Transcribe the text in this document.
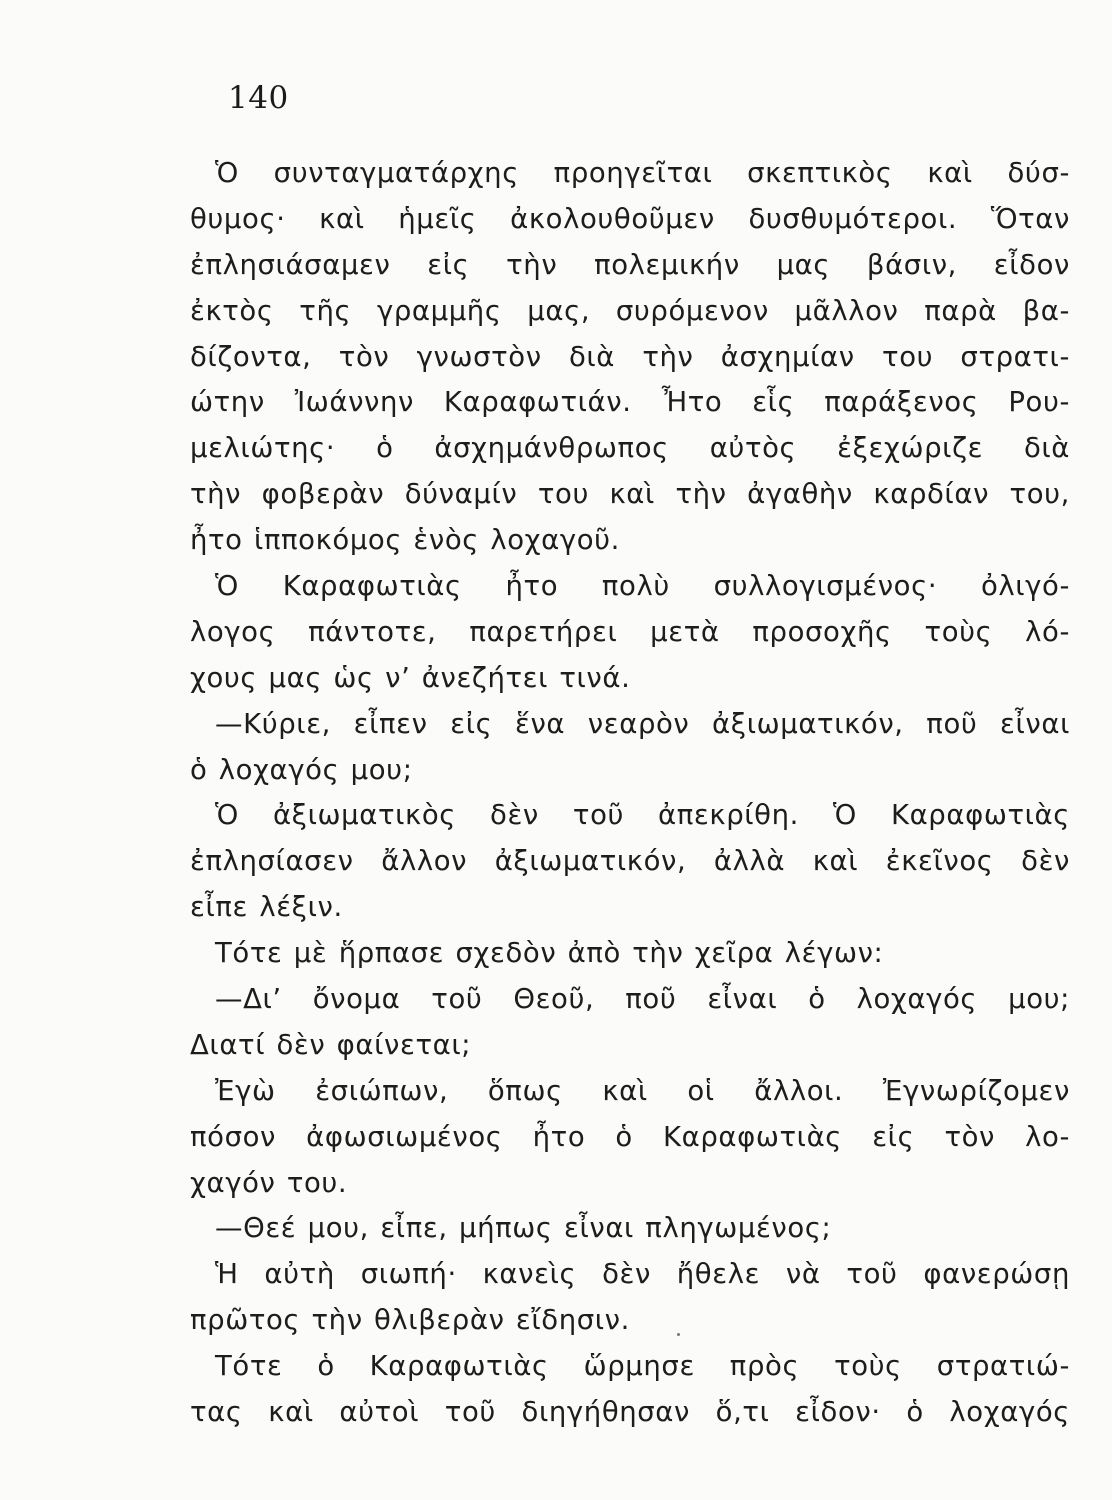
140
Ὁ συνταγματάρχης προηγεῖται σκεπτικὸς καὶ δύσ-
θυμος· καὶ ἡμεῖς ἀκολουθοῦμεν δυσθυμότεροι. Ὅταν
ἐπλησιάσαμεν εἰς τὴν πολεμικήν μας βάσιν, εἶδον
ἐκτὸς τῆς γραμμῆς μας, συρόμενον μᾶλλον παρὰ βα-
δίζοντα, τὸν γνωστὸν διὰ τὴν ἀσχημίαν του στρατι-
ώτην Ἰωάννην Καραφωτιάν. Ἦτο εἷς παράξενος Ρου-
μελιώτης· ὁ ἀσχημάνθρωπος αὐτὸς ἐξεχώριζε διὰ
τὴν φοβερὰν δύναμίν του καὶ τὴν ἀγαθὴν καρδίαν του,
ἦτο ἱπποκόμος ἑνὸς λοχαγοῦ.
Ὁ Καραφωτιὰς ἦτο πολὺ συλλογισμένος· ὀλιγό-
λογος πάντοτε, παρετήρει μετὰ προσοχῆς τοὺς λό-
χους μας ὡς ν’ ἀνεζήτει τινά.
—Κύριε, εἶπεν εἰς ἕνα νεαρὸν ἀξιωματικόν, ποῦ εἶναι
ὁ λοχαγός μου;
Ὁ ἀξιωματικὸς δὲν τοῦ ἀπεκρίθη. Ὁ Καραφωτιὰς
ἐπλησίασεν ἄλλον ἀξιωματικόν, ἀλλὰ καὶ ἐκεῖνος δὲν
εἶπε λέξιν.
Τότε μὲ ἥρπασε σχεδὸν ἀπὸ τὴν χεῖρα λέγων:
—Δι’ ὄνομα τοῦ Θεοῦ, ποῦ εἶναι ὁ λοχαγός μου;
Διατί δὲν φαίνεται;
Ἐγὼ ἐσιώπων, ὅπως καὶ οἱ ἄλλοι. Ἐγνωρίζομεν
πόσον ἀφωσιωμένος ἦτο ὁ Καραφωτιὰς εἰς τὸν λο-
χαγόν του.
—Θεέ μου, εἶπε, μήπως εἶναι πληγωμένος;
Ἡ αὐτὴ σιωπή· κανεὶς δὲν ἤθελε νὰ τοῦ φανερώσῃ
πρῶτος τὴν θλιβερὰν εἴδησιν.
Τότε ὁ Καραφωτιὰς ὥρμησε πρὸς τοὺς στρατιώ-
τας καὶ αὐτοὶ τοῦ διηγήθησαν ὅ,τι εἶδον· ὁ λοχαγός
